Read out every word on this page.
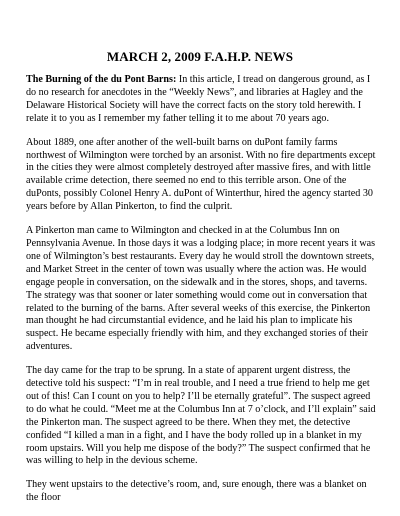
MARCH 2, 2009 F.A.H.P. NEWS

The Burning of the du Pont Barns: In this article, I tread on dangerous ground, as I do no research for anecdotes in the “Weekly News”, and libraries at Hagley and the Delaware Historical Society will have the correct facts on the story told herewith. I relate it to you as I remember my father telling it to me about 70 years ago.

About 1889, one after another of the well-built barns on duPont family farms northwest of Wilmington were torched by an arsonist. With no fire departments except in the cities they were almost completely destroyed after massive fires, and with little available crime detection, there seemed no end to this terrible arson. One of the duPonts, possibly Colonel Henry A. duPont of Winterthur, hired the agency started 30 years before by Allan Pinkerton, to find the culprit.

A Pinkerton man came to Wilmington and checked in at the Columbus Inn on Pennsylvania Avenue. In those days it was a lodging place; in more recent years it was one of Wilmington’s best restaurants. Every day he would stroll the downtown streets, and Market Street in the center of town was usually where the action was. He would engage people in conversation, on the sidewalk and in the stores, shops, and taverns. The strategy was that sooner or later something would come out in conversation that related to the burning of the barns. After several weeks of this exercise, the Pinkerton man thought he had circumstantial evidence, and he laid his plan to implicate his suspect. He became especially friendly with him, and they exchanged stories of their adventures.

The day came for the trap to be sprung. In a state of apparent urgent distress, the detective told his suspect: “I’m in real trouble, and I need a true friend to help me get out of this! Can I count on you to help? I’ll be eternally grateful”. The suspect agreed to do what he could. “Meet me at the Columbus Inn at 7 o’clock, and I’ll explain” said the Pinkerton man. The suspect agreed to be there. When they met, the detective confided “I killed a man in a fight, and I have the body rolled up in a blanket in my room upstairs. Will you help me dispose of the body?” The suspect confirmed that he was willing to help in the devious scheme.

They went upstairs to the detective’s room, and, sure enough, there was a blanket on the floor
